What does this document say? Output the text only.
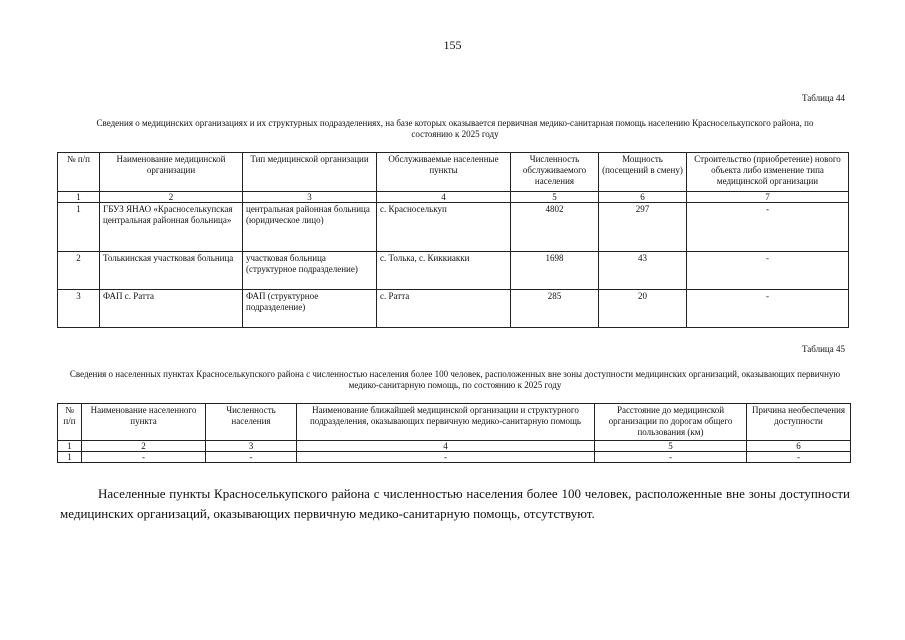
155
Таблица 44
Сведения о медицинских организациях и их структурных подразделениях, на базе которых оказывается первичная медико-санитарная помощь населению Красноселькупского района, по состоянию к 2025 году
№ п/п	Наименование медицинской организации	Тип медицинской организации	Обслуживаемые населенные пункты	Численность обслуживаемого населения	Мощность (посещений в смену)	Строительство (приобретение) нового объекта либо изменение типа медицинской организации
1	2	3	4	5	6	7
1	ГБУЗ ЯНАО «Красноселькупская центральная районная больница»	центральная районная больница (юридическое лицо)	с. Красноселькуп	4802	297	-
2	Толькинская участковая больница	участковая больница (структурное подразделение)	с. Толька, с. Киккиакки	1698	43	-
3	ФАП с. Ратта	ФАП (структурное подразделение)	с. Ратта	285	20	-
Таблица 45
Сведения о населенных пунктах Красноселькупского района с численностью населения более 100 человек, расположенных вне зоны доступности медицинских организаций, оказывающих первичную медико-санитарную помощь, по состоянию к 2025 году
№ п/п	Наименование населенного пункта	Численность населения	Наименование ближайшей медицинской организации и структурного подразделения, оказывающих первичную медико-санитарную помощь	Расстояние до медицинской организации по дорогам общего пользования (км)	Причина необеспечения доступности
1	2	3	4	5	6
1	-	-	-	-	-
Населенные пункты Красноселькупского района с численностью населения более 100 человек, расположенные вне зоны доступности медицинских организаций, оказывающих первичную медико-санитарную помощь, отсутствуют.
